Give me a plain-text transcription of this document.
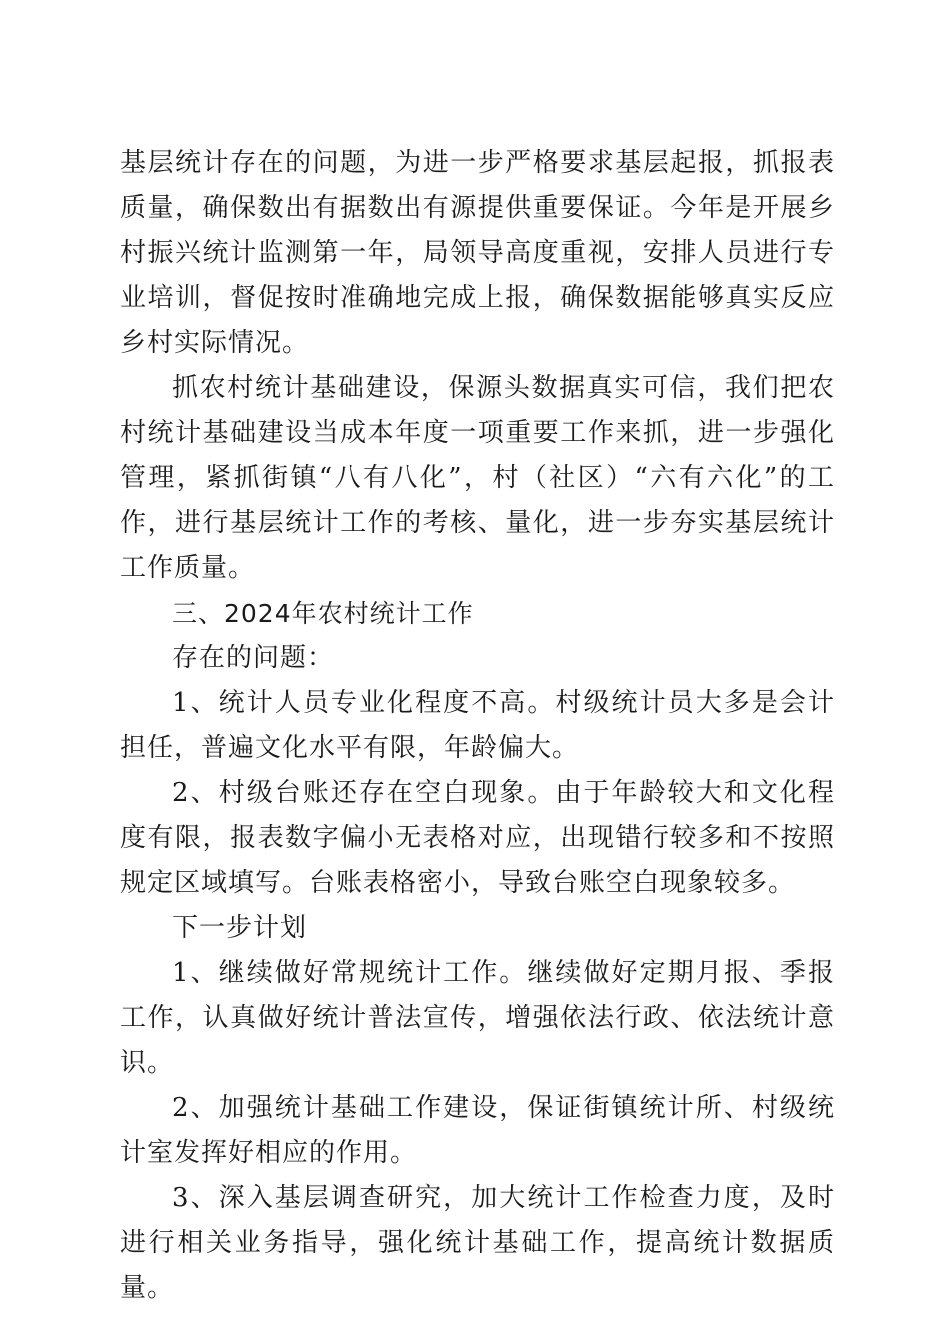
基层统计存在的问题，为进一步严格要求基层起报，抓报表质量，确保数出有据数出有源提供重要保证。今年是开展乡村振兴统计监测第一年，局领导高度重视，安排人员进行专业培训，督促按时准确地完成上报，确保数据能够真实反应乡村实际情况。

抓农村统计基础建设，保源头数据真实可信，我们把农村统计基础建设当成本年度一项重要工作来抓，进一步强化管理，紧抓街镇“八有八化”，村（社区）“六有六化”的工作，进行基层统计工作的考核、量化，进一步夯实基层统计工作质量。

三、2024年农村统计工作

存在的问题：

1、统计人员专业化程度不高。村级统计员大多是会计担任，普遍文化水平有限，年龄偏大。

2、村级台账还存在空白现象。由于年龄较大和文化程度有限，报表数字偏小无表格对应，出现错行较多和不按照规定区域填写。台账表格密小，导致台账空白现象较多。

下一步计划

1、继续做好常规统计工作。继续做好定期月报、季报工作，认真做好统计普法宣传，增强依法行政、依法统计意识。

2、加强统计基础工作建设，保证街镇统计所、村级统计室发挥好相应的作用。

3、深入基层调查研究，加大统计工作检查力度，及时进行相关业务指导，强化统计基础工作，提高统计数据质量。
